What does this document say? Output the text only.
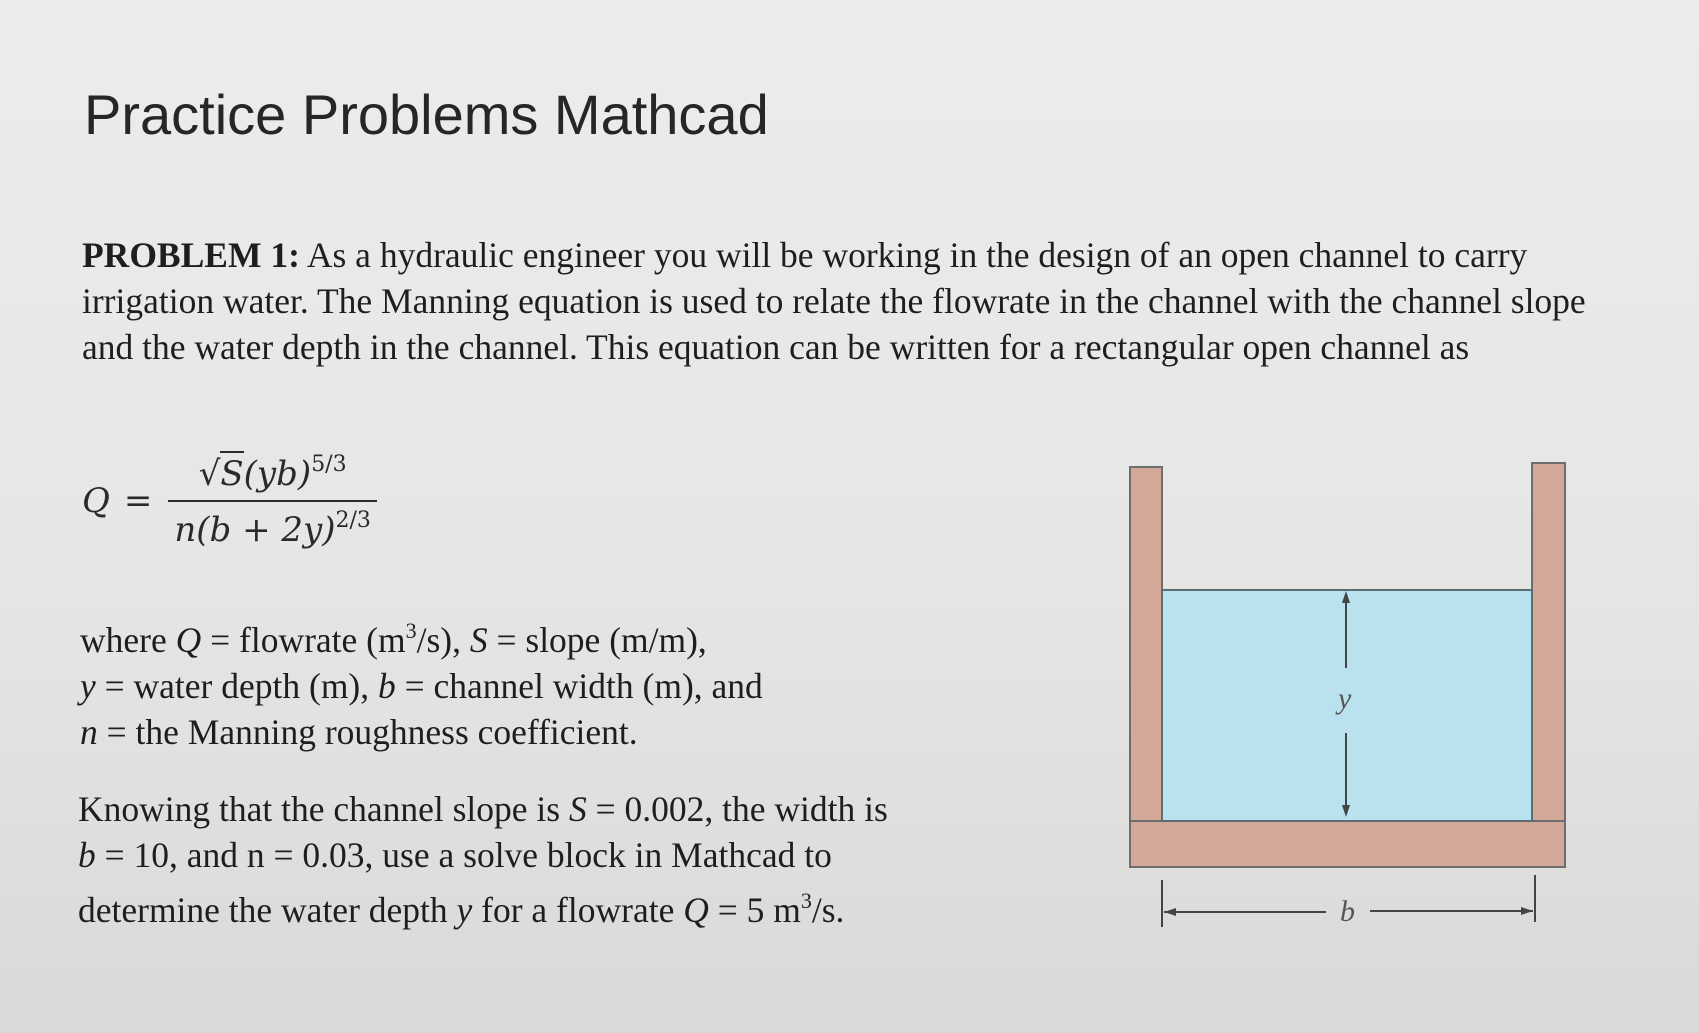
Practice Problems Mathcad

PROBLEM 1: As a hydraulic engineer you will be working in the design of an open channel to carry irrigation water. The Manning equation is used to relate the flowrate in the channel with the channel slope and the water depth in the channel. This equation can be written for a rectangular open channel as

$Q = \frac{√S(yb)^{5/3}}{n(b + 2y)^{2/3}}$
where Q = flowrate $(m^3/s)$, S = slope (m/m),
y = water depth (m), b = channel width (m), and
n = the Manning roughness coefficient.
Knowing that the channel slope is S = 0.002, the width is
b = 10, and n = 0.03, use a solve block in Mathcad to
determine the water depth y for a flowrate Q = 5 $m^3/s$.
y
b
